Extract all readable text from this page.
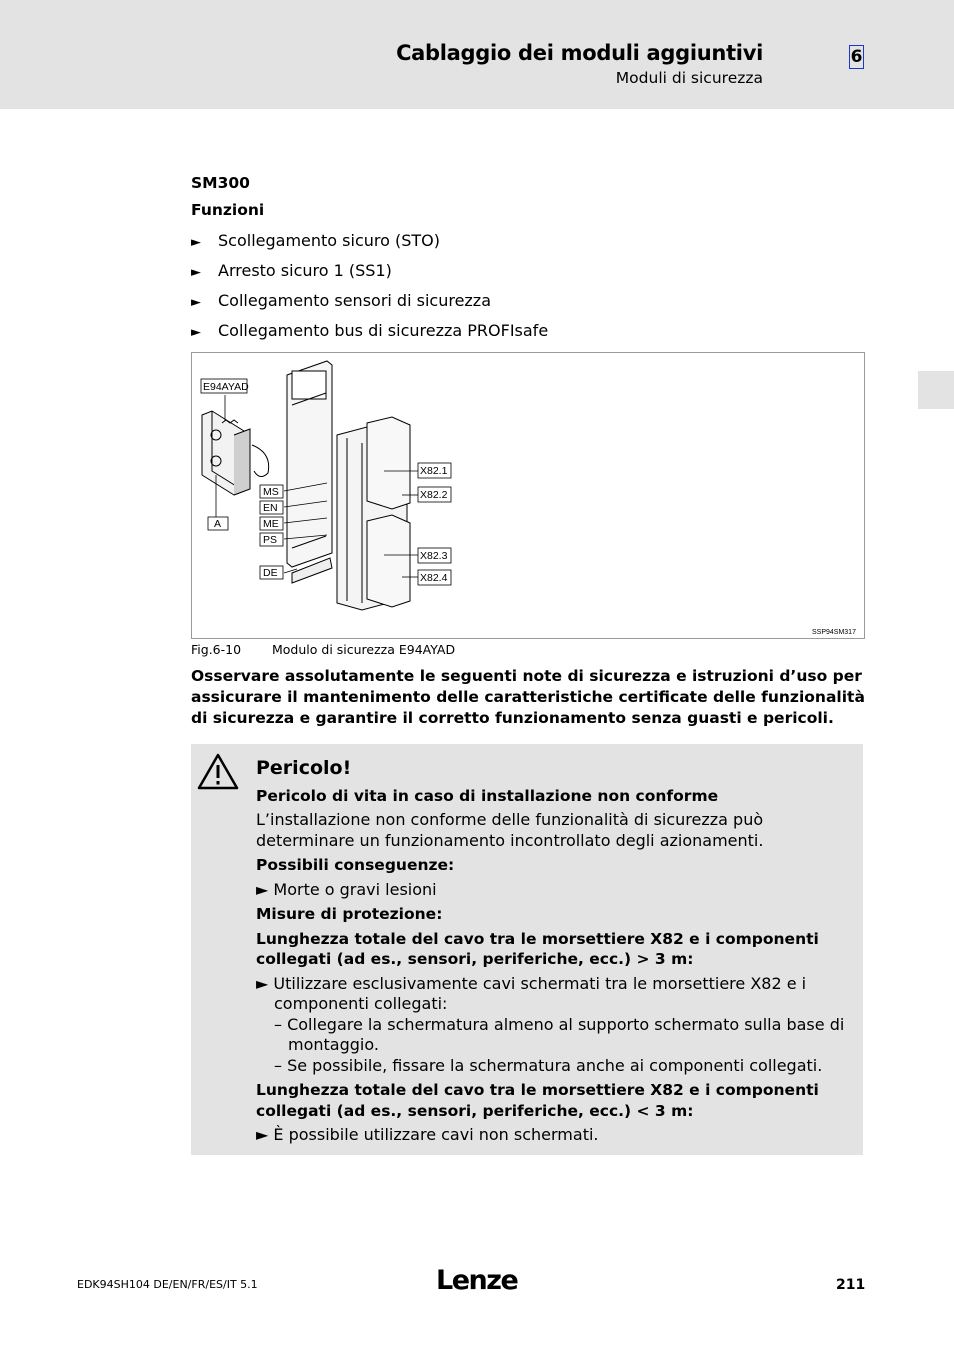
Cablaggio dei moduli aggiuntivi
Moduli di sicurezza
6
SM300
Funzioni
► Scollegamento sicuro (STO)
► Arresto sicuro 1 (SS1)
► Collegamento sensori di sicurezza
► Collegamento bus di sicurezza PROFIsafe
E94AYAD
A
MS
EN
ME
PS
DE
X82.1
X82.2
X82.3
X82.4
SSP94SM317
Fig.6-10 Modulo di sicurezza E94AYAD
Osservare assolutamente le seguenti note di sicurezza e istruzioni d’uso per assicurare il mantenimento delle caratteristiche certificate delle funzionalità di sicurezza e garantire il corretto funzionamento senza guasti e pericoli.
Pericolo!

Pericolo di vita in caso di installazione non conforme

L’installazione non conforme delle funzionalità di sicurezza può determinare un funzionamento incontrollato degli azionamenti.

Possibili conseguenze:

► Morte o gravi lesioni

Misure di protezione:

Lunghezza totale del cavo tra le morsettiere X82 e i componenti collegati (ad es., sensori, periferiche, ecc.) > 3 m:

► Utilizzare esclusivamente cavi schermati tra le morsettiere X82 e i componenti collegati:

– Collegare la schermatura almeno al supporto schermato sulla base di montaggio.

– Se possibile, fissare la schermatura anche ai componenti collegati.

Lunghezza totale del cavo tra le morsettiere X82 e i componenti collegati (ad es., sensori, periferiche, ecc.) < 3 m:

► È possibile utilizzare cavi non schermati.

EDK94SH104 DE/EN/FR/ES/IT 5.1	Lenze	211
